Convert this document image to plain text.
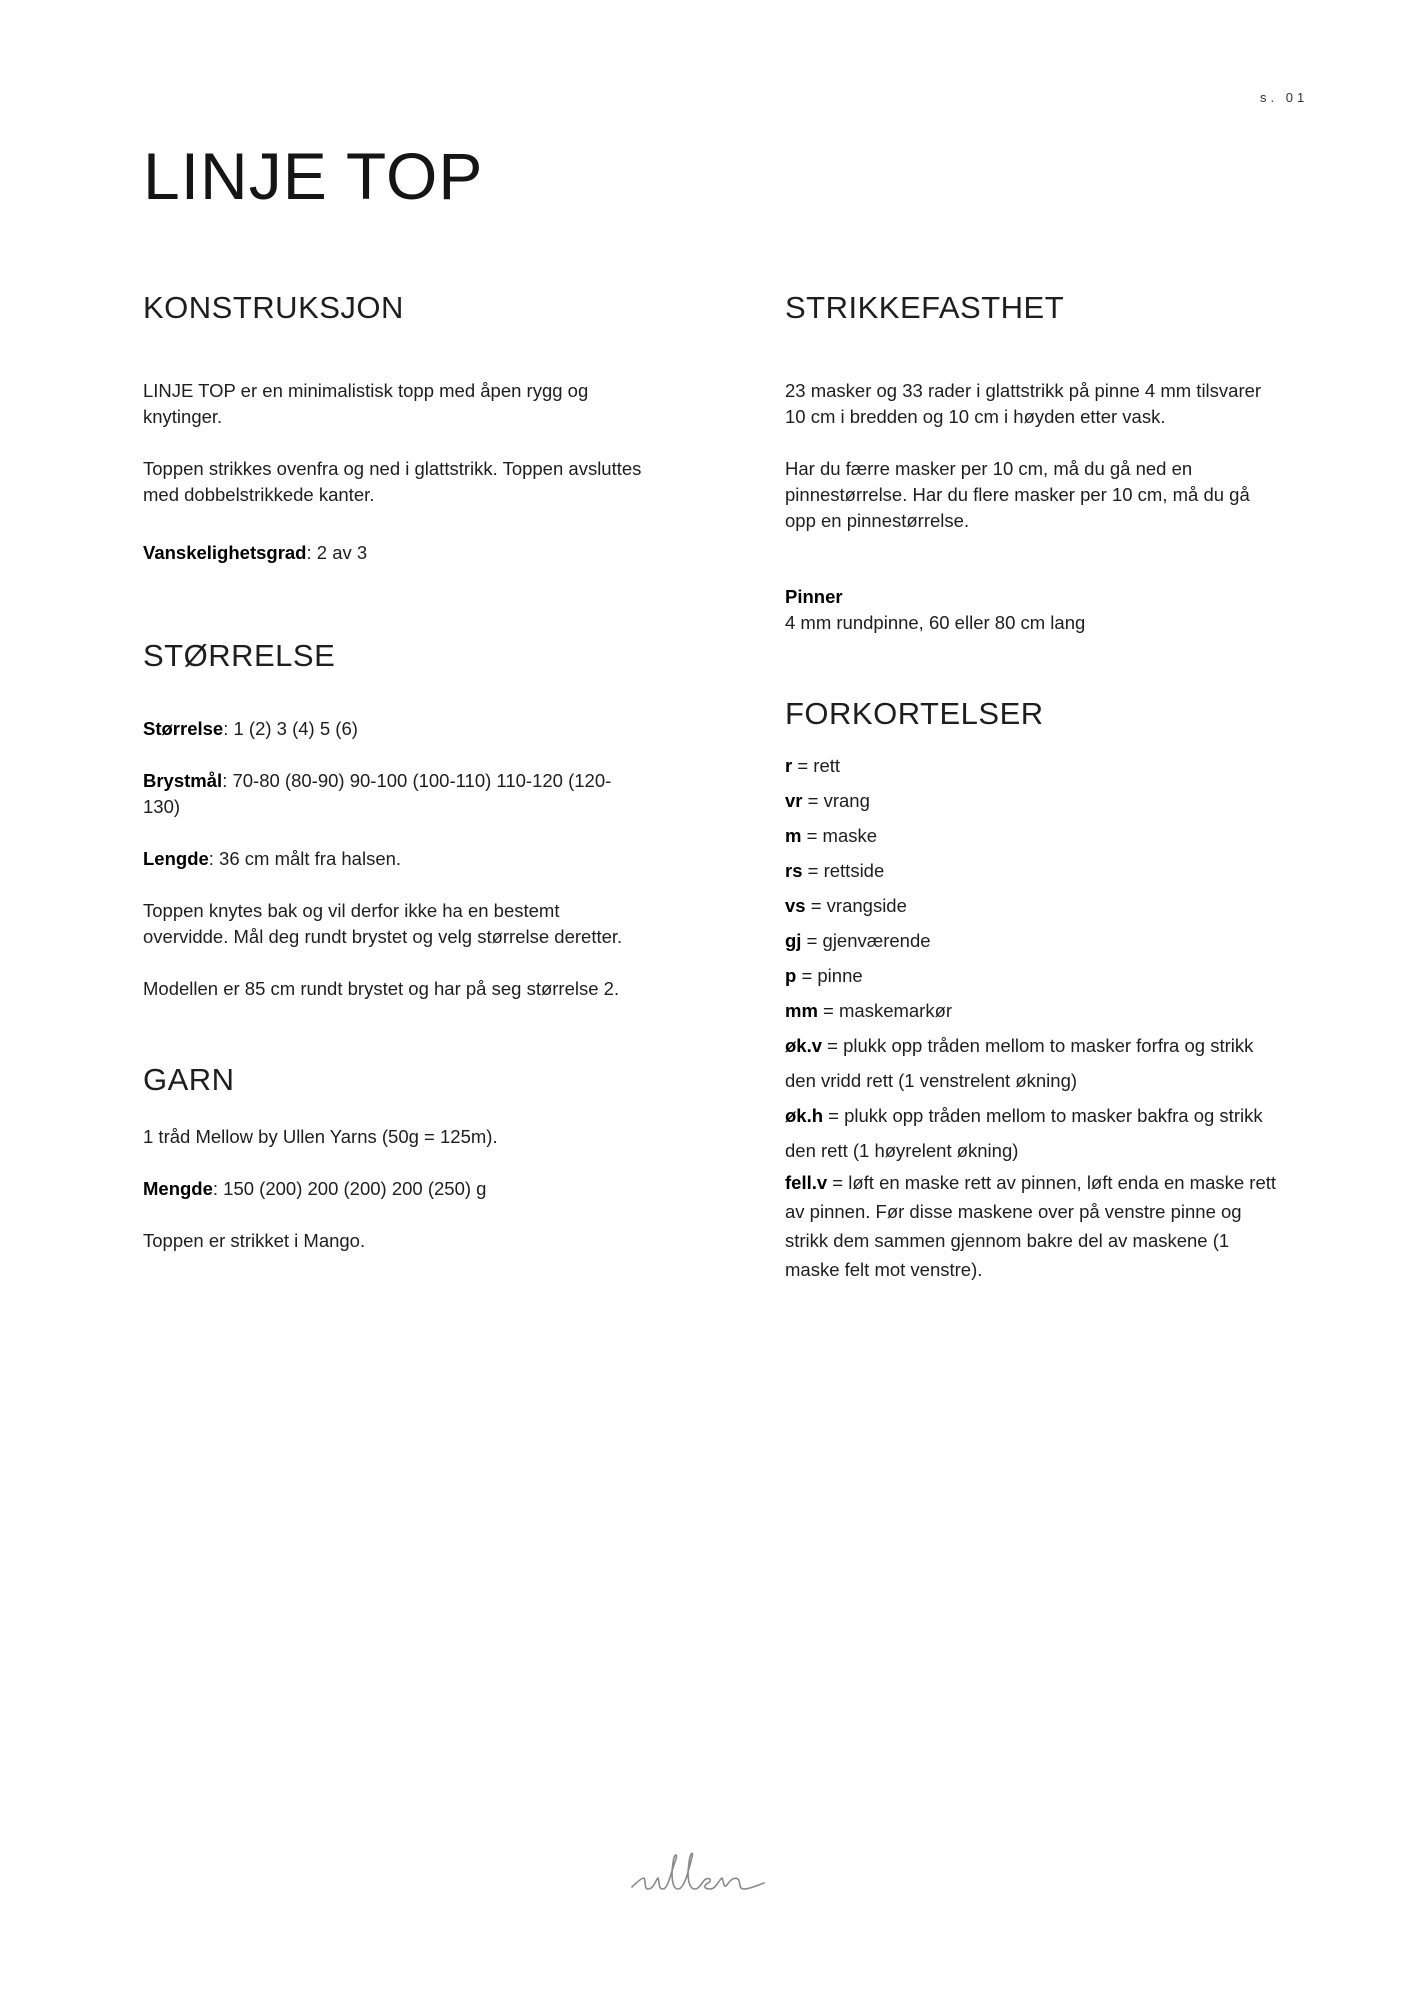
s. 01
LINJE TOP
KONSTRUKSJON

LINJE TOP er en minimalistisk topp med åpen rygg og knytinger.

Toppen strikkes ovenfra og ned i glattstrikk. Toppen avsluttes med dobbelstrikkede kanter.

Vanskelighetsgrad: 2 av 3

STØRRELSE

Størrelse: 1 (2) 3 (4) 5 (6)

Brystmål: 70-80 (80-90) 90-100 (100-110) 110-120 (120-130)

Lengde: 36 cm målt fra halsen.

Toppen knytes bak og vil derfor ikke ha en bestemt overvidde. Mål deg rundt brystet og velg størrelse deretter.

Modellen er 85 cm rundt brystet og har på seg størrelse 2.

GARN

1 tråd Mellow by Ullen Yarns (50g = 125m).

Mengde: 150 (200) 200 (200) 200 (250) g

Toppen er strikket i Mango.

STRIKKEFASTHET

23 masker og 33 rader i glattstrikk på pinne 4 mm tilsvarer 10 cm i bredden og 10 cm i høyden etter vask.

Har du færre masker per 10 cm, må du gå ned en pinnestørrelse. Har du flere masker per 10 cm, må du gå opp en pinnestørrelse.

Pinner

4 mm rundpinne, 60 eller 80 cm lang

FORKORTELSER

r = rett

vr = vrang

m = maske

rs = rettside

vs = vrangside

gj = gjenværende

p = pinne

mm = maskemarkør

øk.v = plukk opp tråden mellom to masker forfra og strikk den vridd rett (1 venstrelent økning)

øk.h = plukk opp tråden mellom to masker bakfra og strikk den rett (1 høyrelent økning)

fell.v = løft en maske rett av pinnen, løft enda en maske rett av pinnen. Før disse maskene over på venstre pinne og strikk dem sammen gjennom bakre del av maskene (1 maske felt mot venstre).
